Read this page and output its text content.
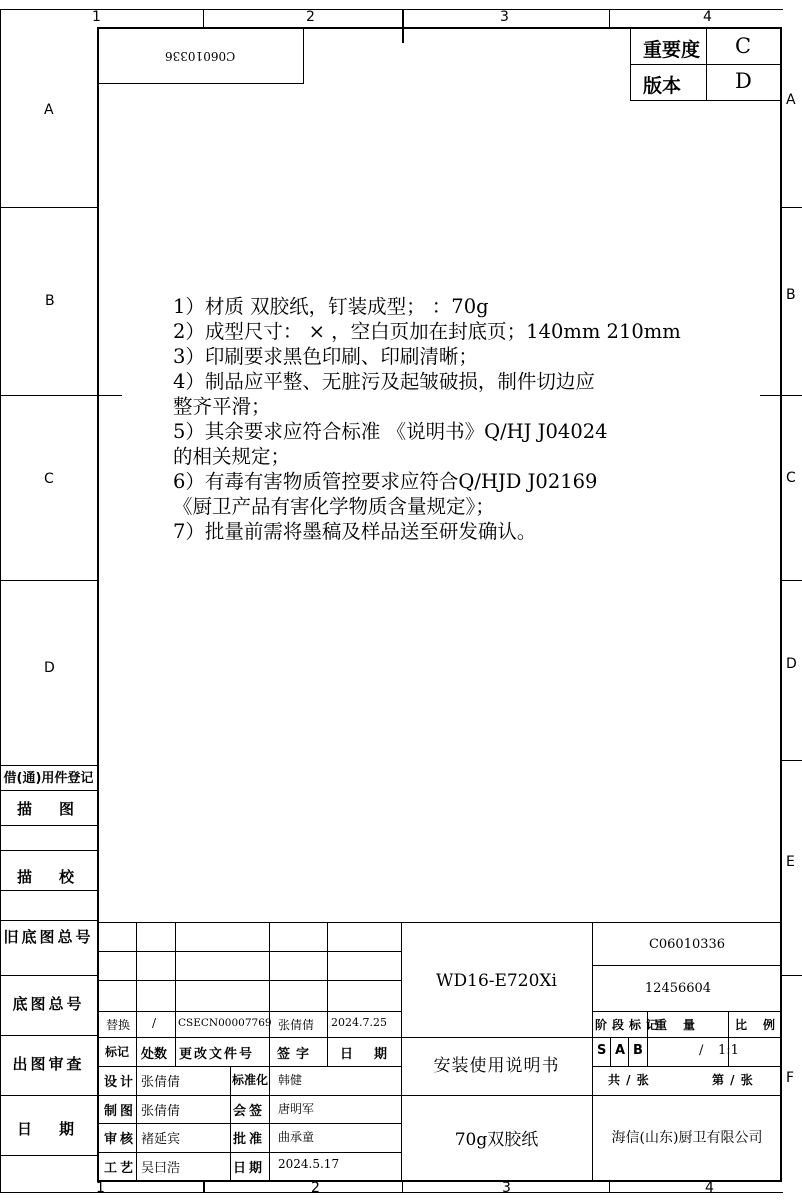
1	2	3	4
1	2	3	4
A
B
C
D
A
B
C
D
E
F
C06010336	重要度 C
版本	D
1）材质 双胶纸，钉装成型； ：70g
2）成型尺寸： × ，空白页加在封底页；140mm 210mm
3）印刷要求黑色印刷、印刷清晰；
4）制品应平整、无脏污及起皱破损，制件切边应
整齐平滑；
5）其余要求应符合标准 《说明书》Q/HJ J04024
的相关规定；
6）有毒有害物质管控要求应符合Q/HJD J02169
《厨卫产品有害化学物质含量规定》；
7）批量前需将墨稿及样品送至研发确认。
借(通)用件登记
描　图
描　校
旧底图总号
底图总号
出图审查
日　期
替换 / CSECN00007769 张倩倩 2024.7.25
标记 处数 更改文件号 签字 日　期
设计 张倩倩	标准化 韩健
制图 张倩倩	会签 唐明军
审核 褚延宾	批准 曲承童
工艺 吴曰浩	日期 2024.5.17
WD16-E720Xi
安装使用说明书
70g双胶纸
C06010336
12456604
阶段标记
重　量	比　例
S A B	/ 1:1
共 / 张	第 / 张
海信(山东)厨卫有限公司
